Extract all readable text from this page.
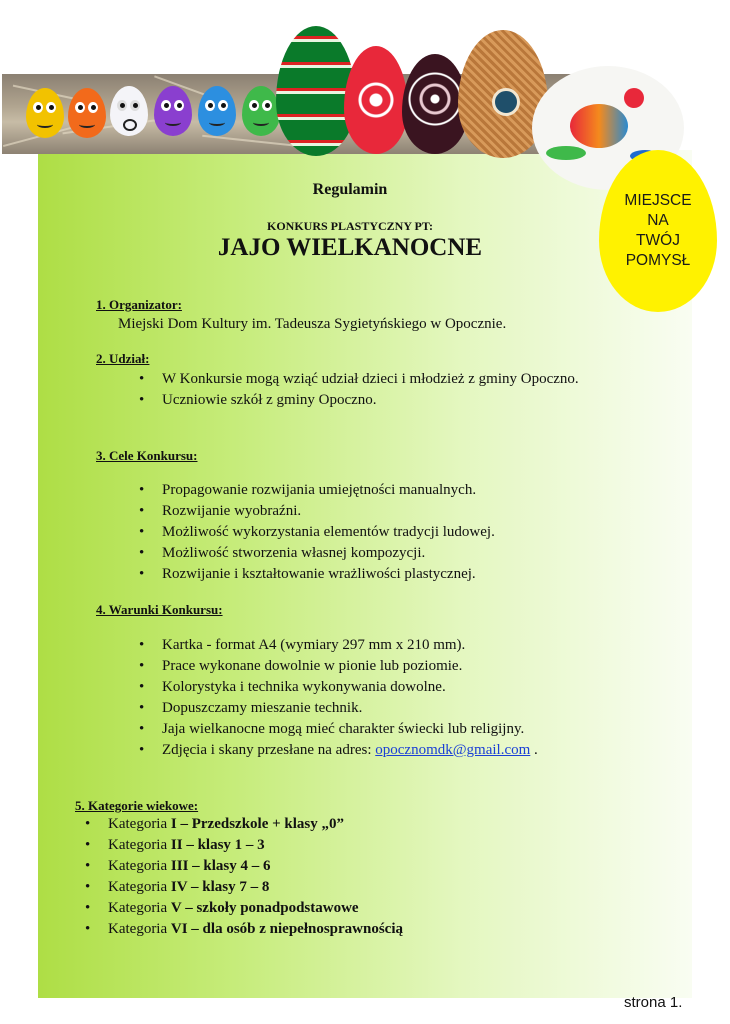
MIEJSCE
NA
TWÓJ
POMYSŁ
Regulamin
KONKURS PLASTYCZNY PT:
JAJO WIELKANOCNE
1. Organizator:
Miejski Dom Kultury im. Tadeusza Sygietyńskiego w Opocznie.
2. Udział:
• W Konkursie mogą wziąć udział dzieci i młodzież z gminy Opoczno.
• Uczniowie szkół z gminy Opoczno.
3. Cele Konkursu:
• Propagowanie rozwijania umiejętności manualnych.
• Rozwijanie wyobraźni.
• Możliwość wykorzystania elementów tradycji ludowej.
• Możliwość stworzenia własnej kompozycji.
• Rozwijanie i kształtowanie wrażliwości plastycznej.
4. Warunki Konkursu:
• Kartka - format A4 (wymiary 297 mm x 210 mm).
• Prace wykonane dowolnie w pionie lub poziomie.
• Kolorystyka i technika wykonywania dowolne.
• Dopuszczamy mieszanie technik.
• Jaja wielkanocne mogą mieć charakter świecki lub religijny.
• Zdjęcia i skany przesłane na adres: opocznomdk@gmail.com .
5. Kategorie wiekowe:
• Kategoria I – Przedszkole + klasy „0”
• Kategoria II – klasy 1 – 3
• Kategoria III – klasy 4 – 6
• Kategoria IV – klasy 7 – 8
• Kategoria V – szkoły ponadpodstawowe
• Kategoria VI – dla osób z niepełnosprawnością
strona 1.
